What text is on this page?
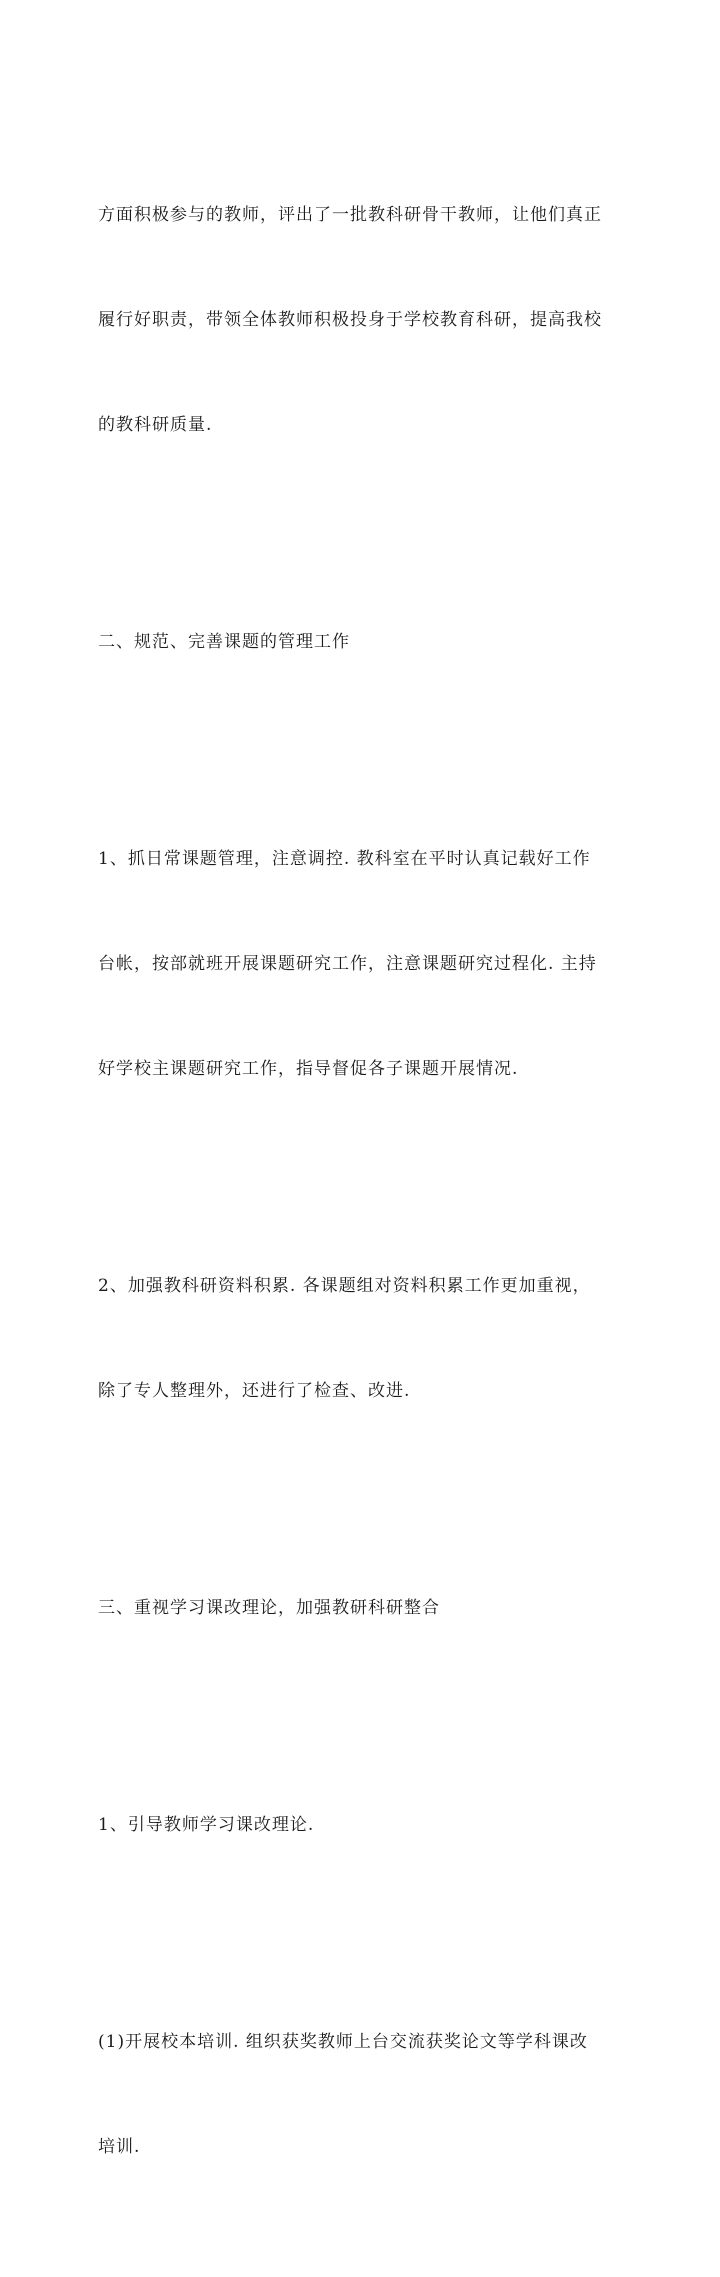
方面积极参与的教师，评出了一批教科研骨干教师，让他们真正

履行好职责，带领全体教师积极投身于学校教育科研，提高我校

的教科研质量.

二、规范、完善课题的管理工作

1、抓日常课题管理，注意调控. 教科室在平时认真记载好工作

台帐，按部就班开展课题研究工作，注意课题研究过程化. 主持

好学校主课题研究工作，指导督促各子课题开展情况.

2、加强教科研资料积累. 各课题组对资料积累工作更加重视，

除了专人整理外，还进行了检查、改进.

三、重视学习课改理论，加强教研科研整合

1、引导教师学习课改理论.

(1)开展校本培训. 组织获奖教师上台交流获奖论文等学科课改

培训.
